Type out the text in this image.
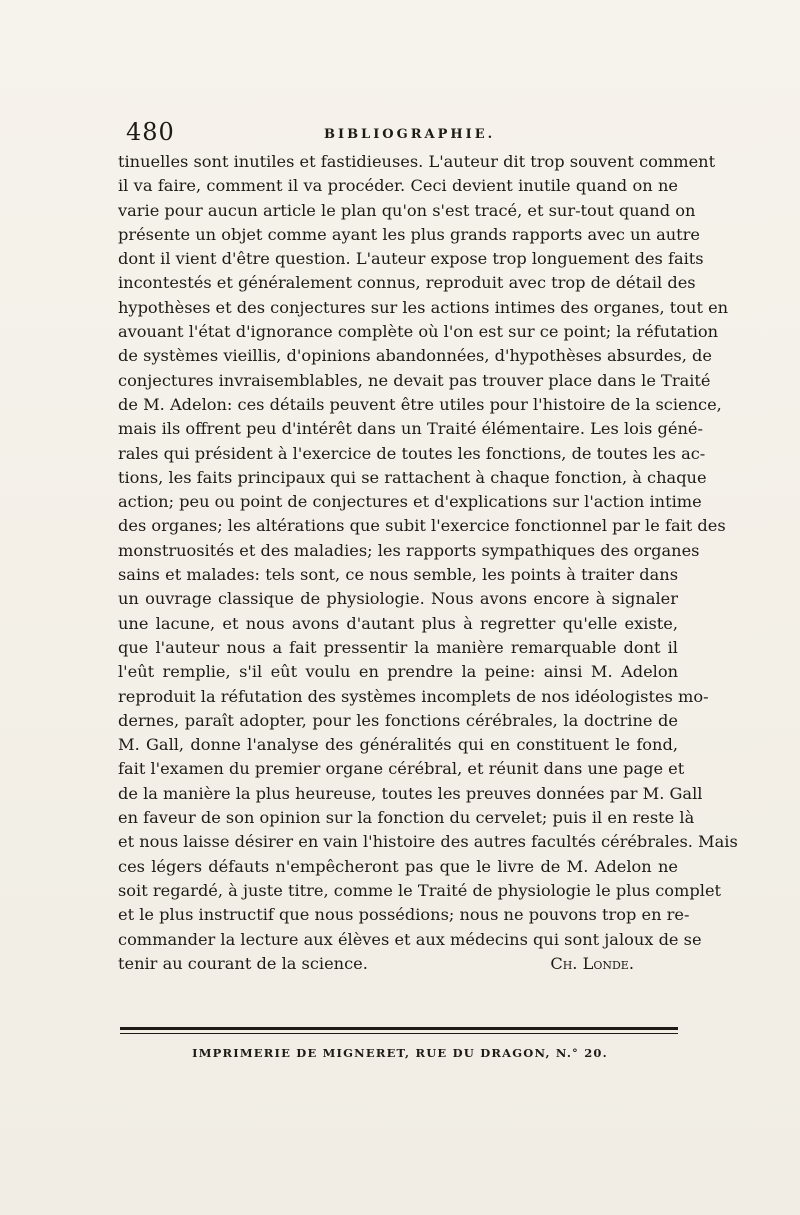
480	BIBLIOGRAPHIE.
tinuelles sont inutiles et fastidieuses. L'auteur dit trop souvent comment
il va faire, comment il va procéder. Ceci devient inutile quand on ne
varie pour aucun article le plan qu'on s'est tracé, et sur-tout quand on
présente un objet comme ayant les plus grands rapports avec un autre
dont il vient d'être question. L'auteur expose trop longuement des faits
incontestés et généralement connus, reproduit avec trop de détail des
hypothèses et des conjectures sur les actions intimes des organes, tout en
avouant l'état d'ignorance complète où l'on est sur ce point; la réfutation
de systèmes vieillis, d'opinions abandonnées, d'hypothèses absurdes, de
conjectures invraisemblables, ne devait pas trouver place dans le Traité
de M. Adelon: ces détails peuvent être utiles pour l'histoire de la science,
mais ils offrent peu d'intérêt dans un Traité élémentaire. Les lois géné-
rales qui président à l'exercice de toutes les fonctions, de toutes les ac-
tions, les faits principaux qui se rattachent à chaque fonction, à chaque
action; peu ou point de conjectures et d'explications sur l'action intime
des organes; les altérations que subit l'exercice fonctionnel par le fait des
monstruosités et des maladies; les rapports sympathiques des organes
sains et malades: tels sont, ce nous semble, les points à traiter dans
un ouvrage classique de physiologie. Nous avons encore à signaler
une lacune, et nous avons d'autant plus à regretter qu'elle existe,
que l'auteur nous a fait pressentir la manière remarquable dont il
l'eût remplie, s'il eût voulu en prendre la peine: ainsi M. Adelon
reproduit la réfutation des systèmes incomplets de nos idéologistes mo-
dernes, paraît adopter, pour les fonctions cérébrales, la doctrine de
M. Gall, donne l'analyse des généralités qui en constituent le fond,
fait l'examen du premier organe cérébral, et réunit dans une page et
de la manière la plus heureuse, toutes les preuves données par M. Gall
en faveur de son opinion sur la fonction du cervelet; puis il en reste là
et nous laisse désirer en vain l'histoire des autres facultés cérébrales. Mais
ces légers défauts n'empêcheront pas que le livre de M. Adelon ne
soit regardé, à juste titre, comme le Traité de physiologie le plus complet
et le plus instructif que nous possédions; nous ne pouvons trop en re-
commander la lecture aux élèves et aux médecins qui sont jaloux de se
tenir au courant de la science.	Ch. Londe.
IMPRIMERIE DE MIGNERET, RUE DU DRAGON, N.° 20.
